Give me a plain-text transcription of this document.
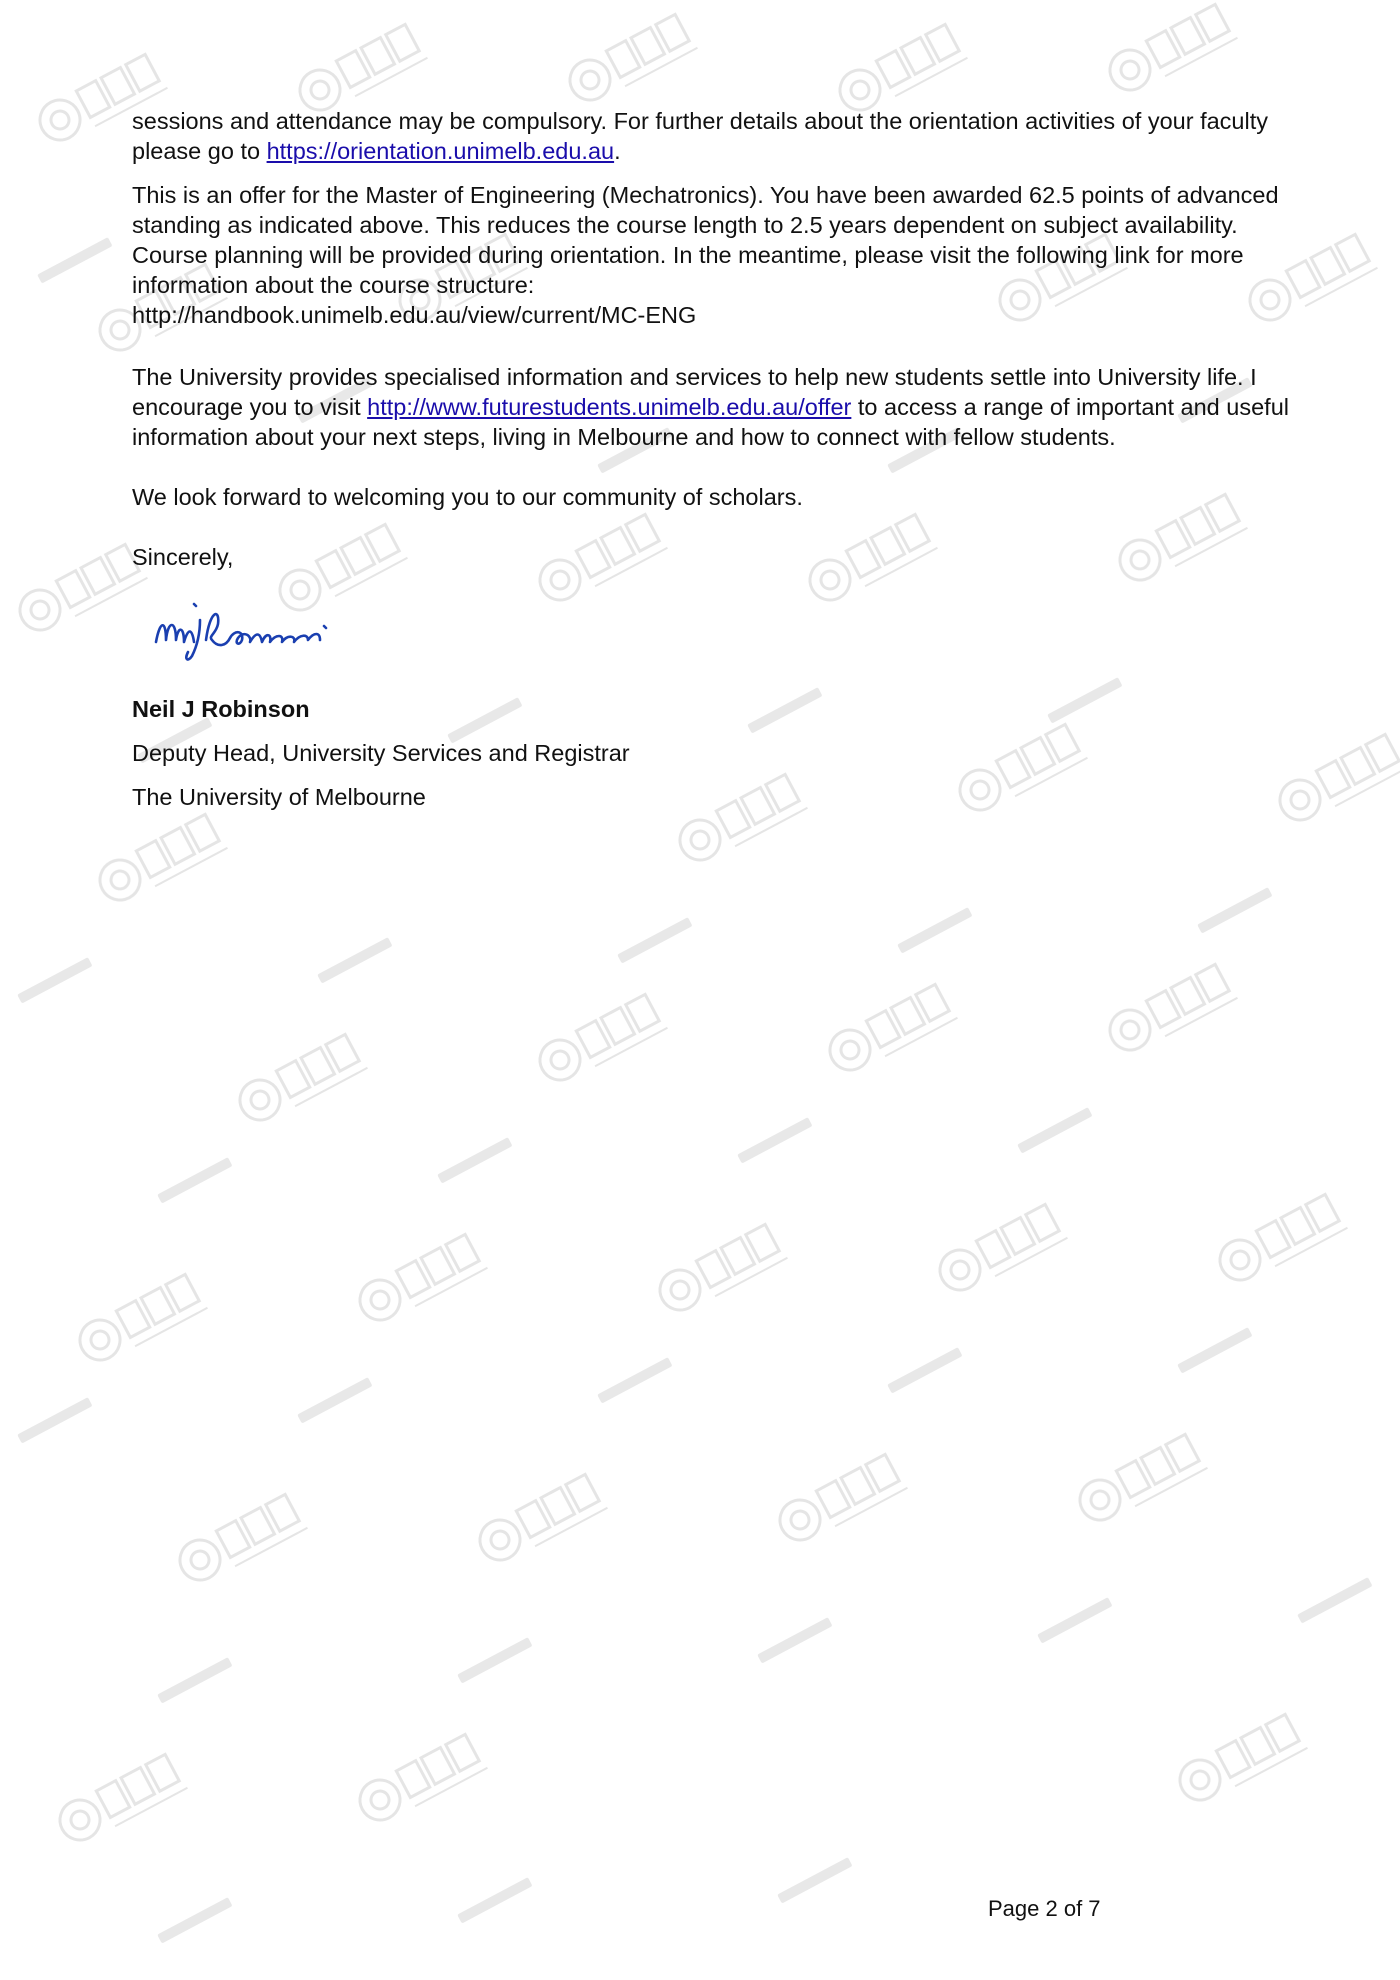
sessions and attendance may be compulsory. For further details about the orientation activities of your faculty please go to https://orientation.unimelb.edu.au.

This is an offer for the Master of Engineering (Mechatronics). You have been awarded 62.5 points of advanced standing as indicated above. This reduces the course length to 2.5 years dependent on subject availability. Course planning will be provided during orientation. In the meantime, please visit the following link for more information about the course structure:

http://handbook.unimelb.edu.au/view/current/MC-ENG

The University provides specialised information and services to help new students settle into University life. I encourage you to visit http://www.futurestudents.unimelb.edu.au/offer to access a range of important and useful information about your next steps, living in Melbourne and how to connect with fellow students.

We look forward to welcoming you to our community of scholars.

Sincerely,

Neil J Robinson

Deputy Head, University Services and Registrar

The University of Melbourne

Page 2 of 7
